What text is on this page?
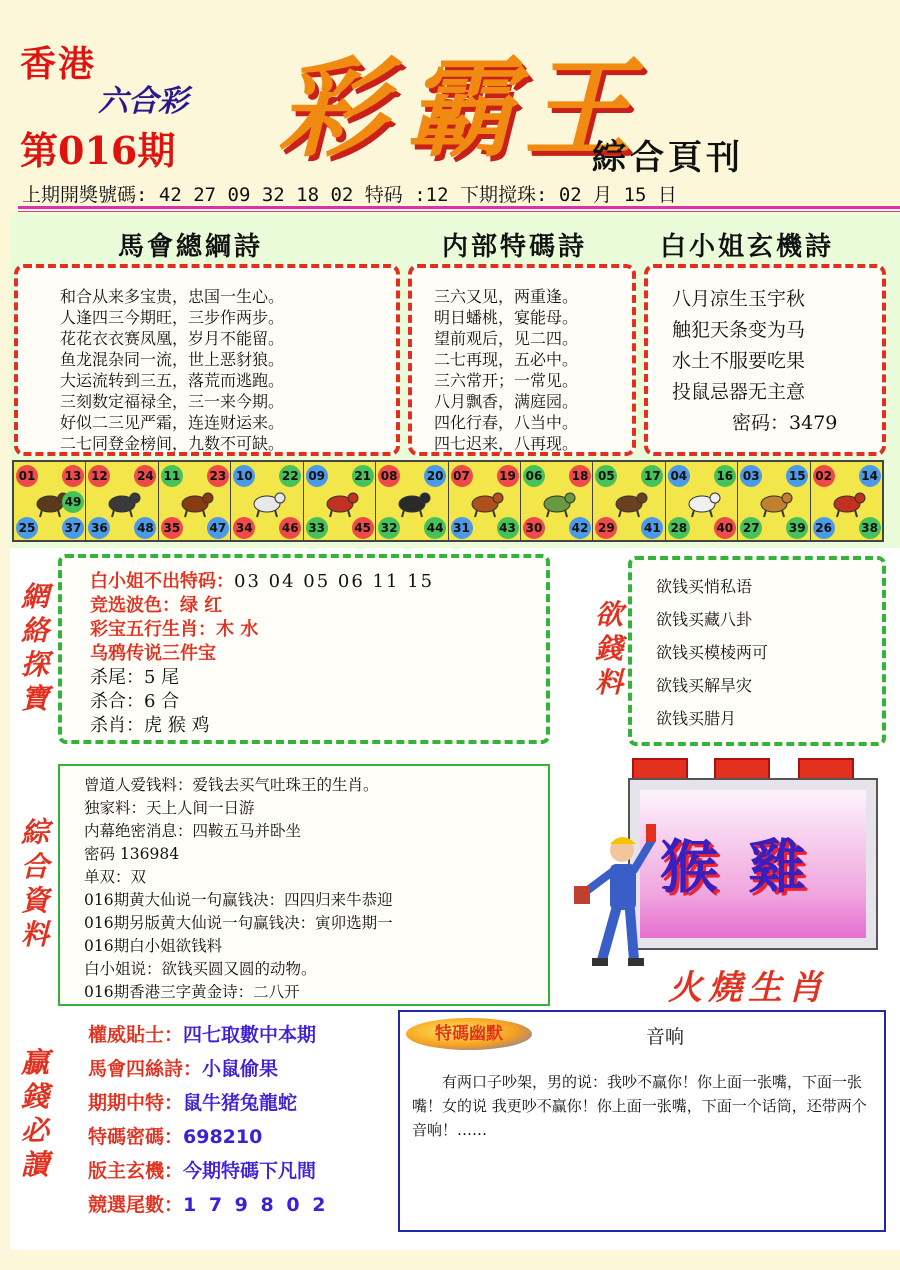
香港
六合彩
第016期 彩 霸 王
綜合頁刊
上期開獎號碼: 42 27 09 32 18 02 特码 :12 下期搅珠: 02 月 15 日
馬會總綱詩	内部特碼詩	白小姐玄機詩
和合从来多宝贵，忠国一生心。
人逢四三今期旺，三步作两步。
花花衣衣赛凤凰，岁月不能留。
鱼龙混杂同一流，世上恶豺狼。
大运流转到三五，落荒而逃跑。
三刻数定福禄全，三一来今期。
好似二三见严霜，连连财运来。
二七同登金榜间，九数不可缺。
三六又见，两重逢。
明日蟠桃，宴能母。
望前观后，见二四。
二七再现，五必中。
三六常开；一常见。
八月飘香，满庭园。
四化行春，八当中。
四七迟来，八再现。
八月凉生玉宇秋
触犯天条变为马
水土不服要吃果
投鼠忌器无主意
密码：3479
01 13
25 37
49
12 24
36 48
11 23
35 47
10 22
34 46
09 21
33 45
08 20
32 44
07 19
31 43
06 18
30 42
05 17
29 41
04 16
28 40
03 15
27 39
02 14
26 38
網
絡
探
寶
白小姐不出特码：03 04 05 06 11 15
竞选波色：绿 红
彩宝五行生肖：木 水
乌鸦传说三件宝
杀尾：5 尾
杀合：6 合
杀肖：虎 猴 鸡
欲
錢
料
欲钱买悄私语
欲钱买藏八卦
欲钱买模棱两可
欲钱买解旱灾
欲钱买腊月
綜
合
資
料
曾道人爱钱料：爱钱去买气吐珠王的生肖。
独家料：天上人间一日游
内幕绝密消息：四鞍五马并卧坐
密码 136984
单双：双
016期黄大仙说一句赢钱决：四四归来牛恭迎
016期另版黄大仙说一句赢钱决：寅卯选期一
016期白小姐欲钱料
白小姐说：欲钱买圆又圆的动物。
016期香港三字黄金诗：二八开
猴雞
火燒生肖
贏
錢
必
讀
權威貼士：四七取數中本期
馬會四絲詩：小鼠偷果
期期中特：鼠牛猪兔龍蛇
特碼密碼：698210
版主玄機：今期特碼下凡間
競選尾數：1 7 9 8 0 2
特碼幽默	音响
有两口子吵架，男的说：我吵不赢你！你上面一张嘴，下面一张嘴！女的说 我更吵不赢你！你上面一张嘴，下面一个话筒，还带两个音响！……
